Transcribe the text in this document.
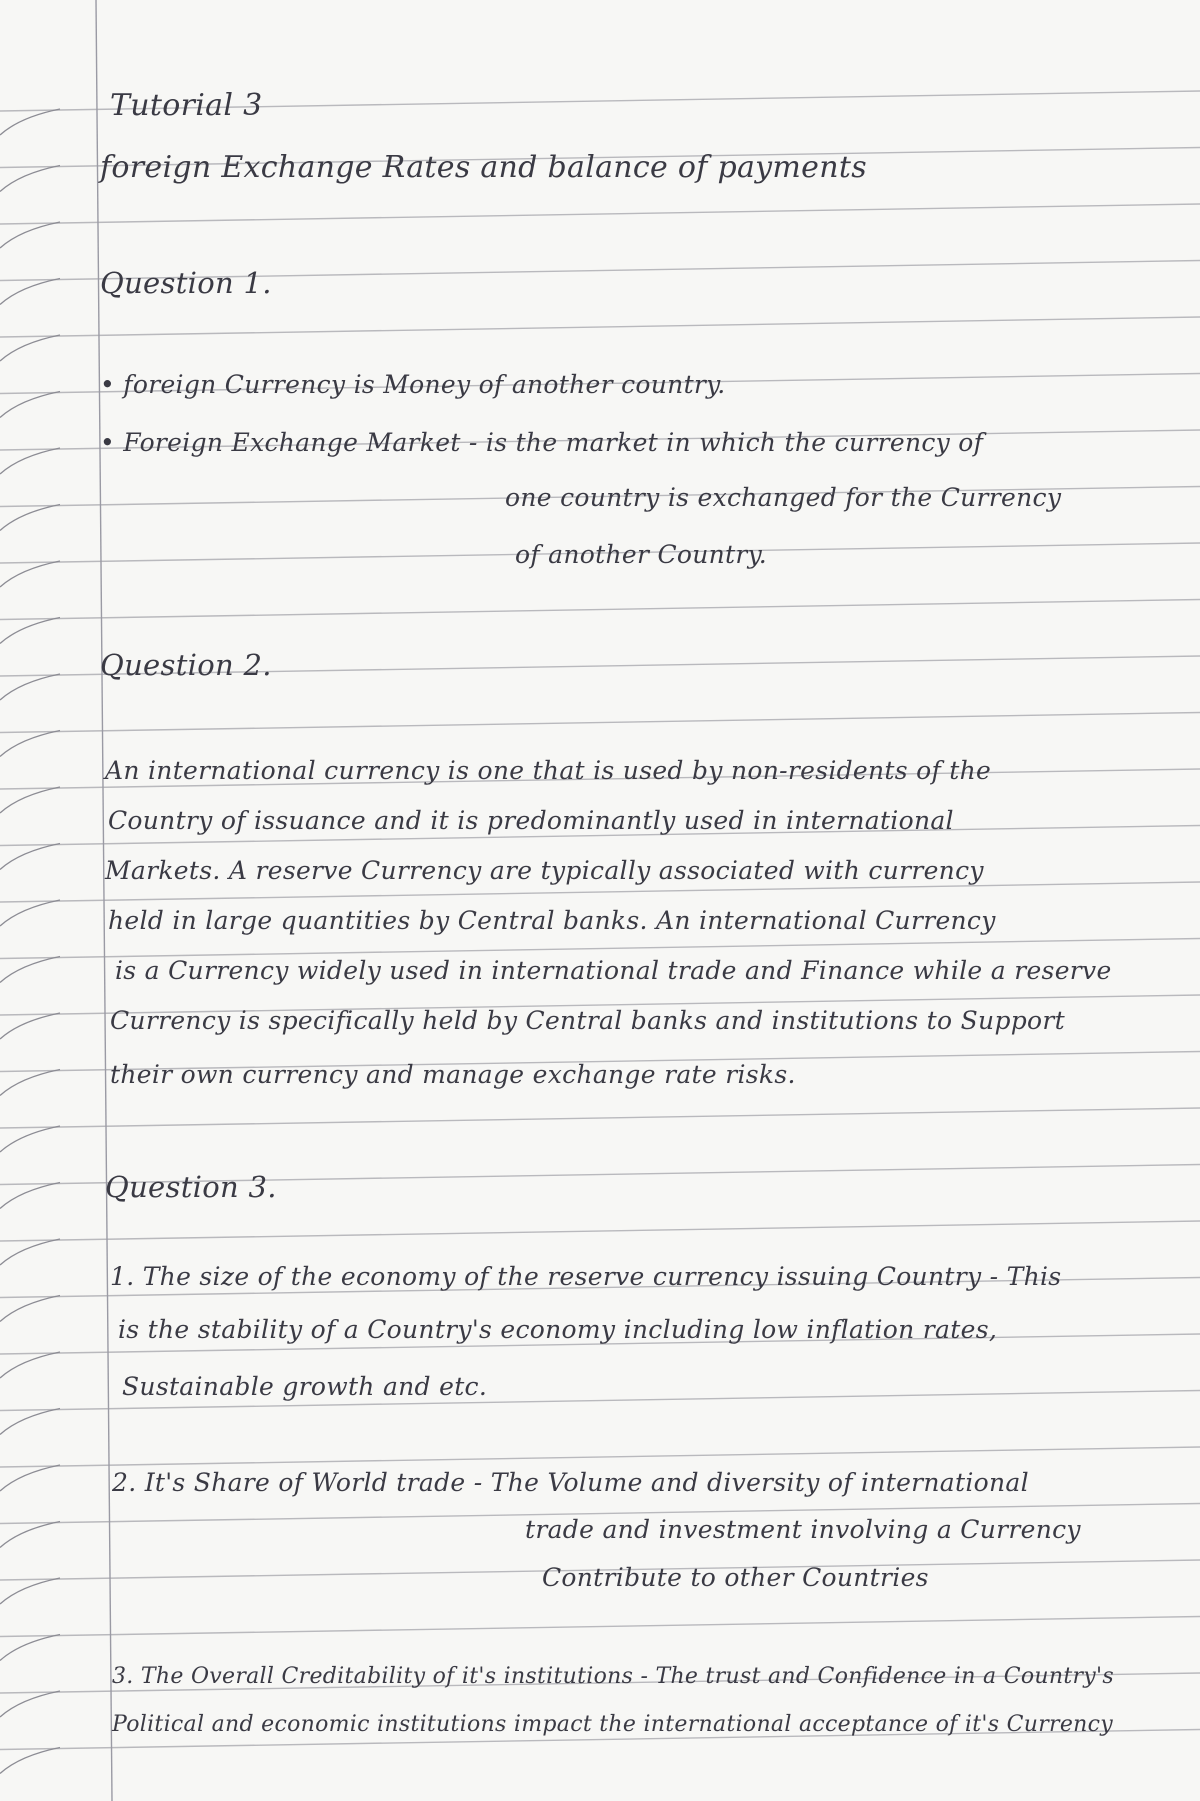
Tutorial 3
foreign Exchange Rates and balance of payments
Question 1.
• foreign Currency is Money of another country.
• Foreign Exchange Market - is the market in which the currency of
one country is exchanged for the Currency
of another Country.
Question 2.
An international currency is one that is used by non-residents of the
Country of issuance and it is predominantly used in international
Markets. A reserve Currency are typically associated with currency
held in large quantities by Central banks. An international Currency
is a Currency widely used in international trade and Finance while a reserve
Currency is specifically held by Central banks and institutions to Support
their own currency and manage exchange rate risks.
Question 3.
1. The size of the economy of the reserve currency issuing Country - This
is the stability of a Country's economy including low inflation rates,
Sustainable growth and etc.
2. It's Share of World trade - The Volume and diversity of international
trade and investment involving a Currency
Contribute to other Countries
3. The Overall Creditability of it's institutions - The trust and Confidence in a Country's
Political and economic institutions impact the international acceptance of it's Currency
